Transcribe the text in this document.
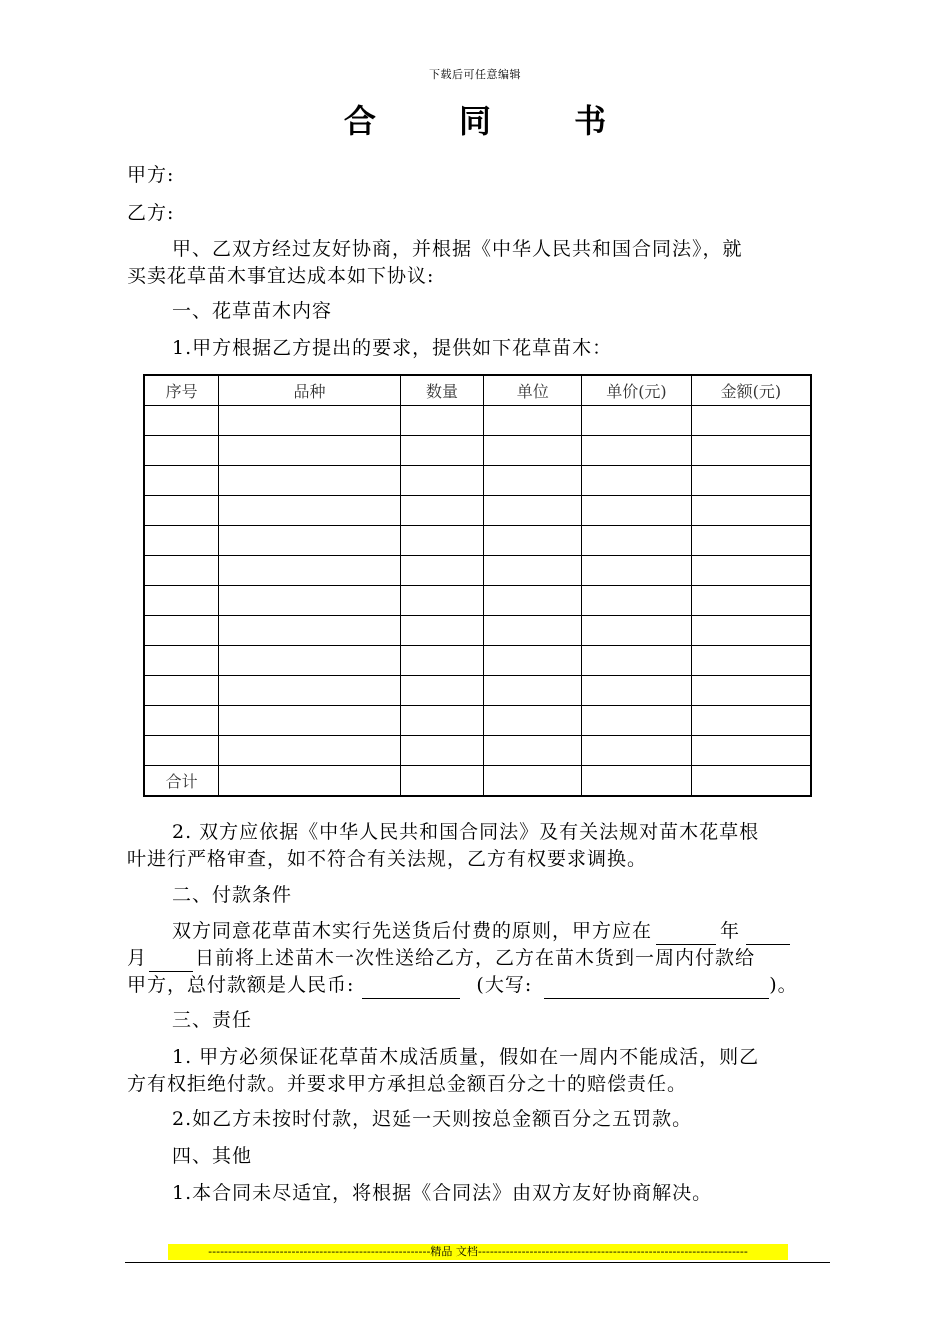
下载后可任意编辑
合 同 书
甲方:
乙方:
甲、乙双方经过友好协商，并根据《中华人民共和国合同法》，就
买卖花草苗木事宜达成本如下协议:
一、花草苗木内容
1.甲方根据乙方提出的要求，提供如下花草苗木：
序号	品种	数量	单位	单价(元)	金额(元)

合计					
2. 双方应依据《中华人民共和国合同法》及有关法规对苗木花草根
叶进行严格审查，如不符合有关法规，乙方有权要求调换。
二、付款条件
双方同意花草苗木实行先送货后付费的原则，甲方应在	年
月	日前将上述苗木一次性送给乙方，乙方在苗木货到一周内付款给
甲方，总付款额是人民币:	(大写:	)。
三、责任
1. 甲方必须保证花草苗木成活质量，假如在一周内不能成活，则乙
方有权拒绝付款。并要求甲方承担总金额百分之十的赔偿责任。
2.如乙方未按时付款，迟延一天则按总金额百分之五罚款。
四、其他
1.本合同未尽适宜，将根据《合同法》由双方友好协商解决。
--------------------------------------------------------精品 文档--------------------------------------------------------------------
